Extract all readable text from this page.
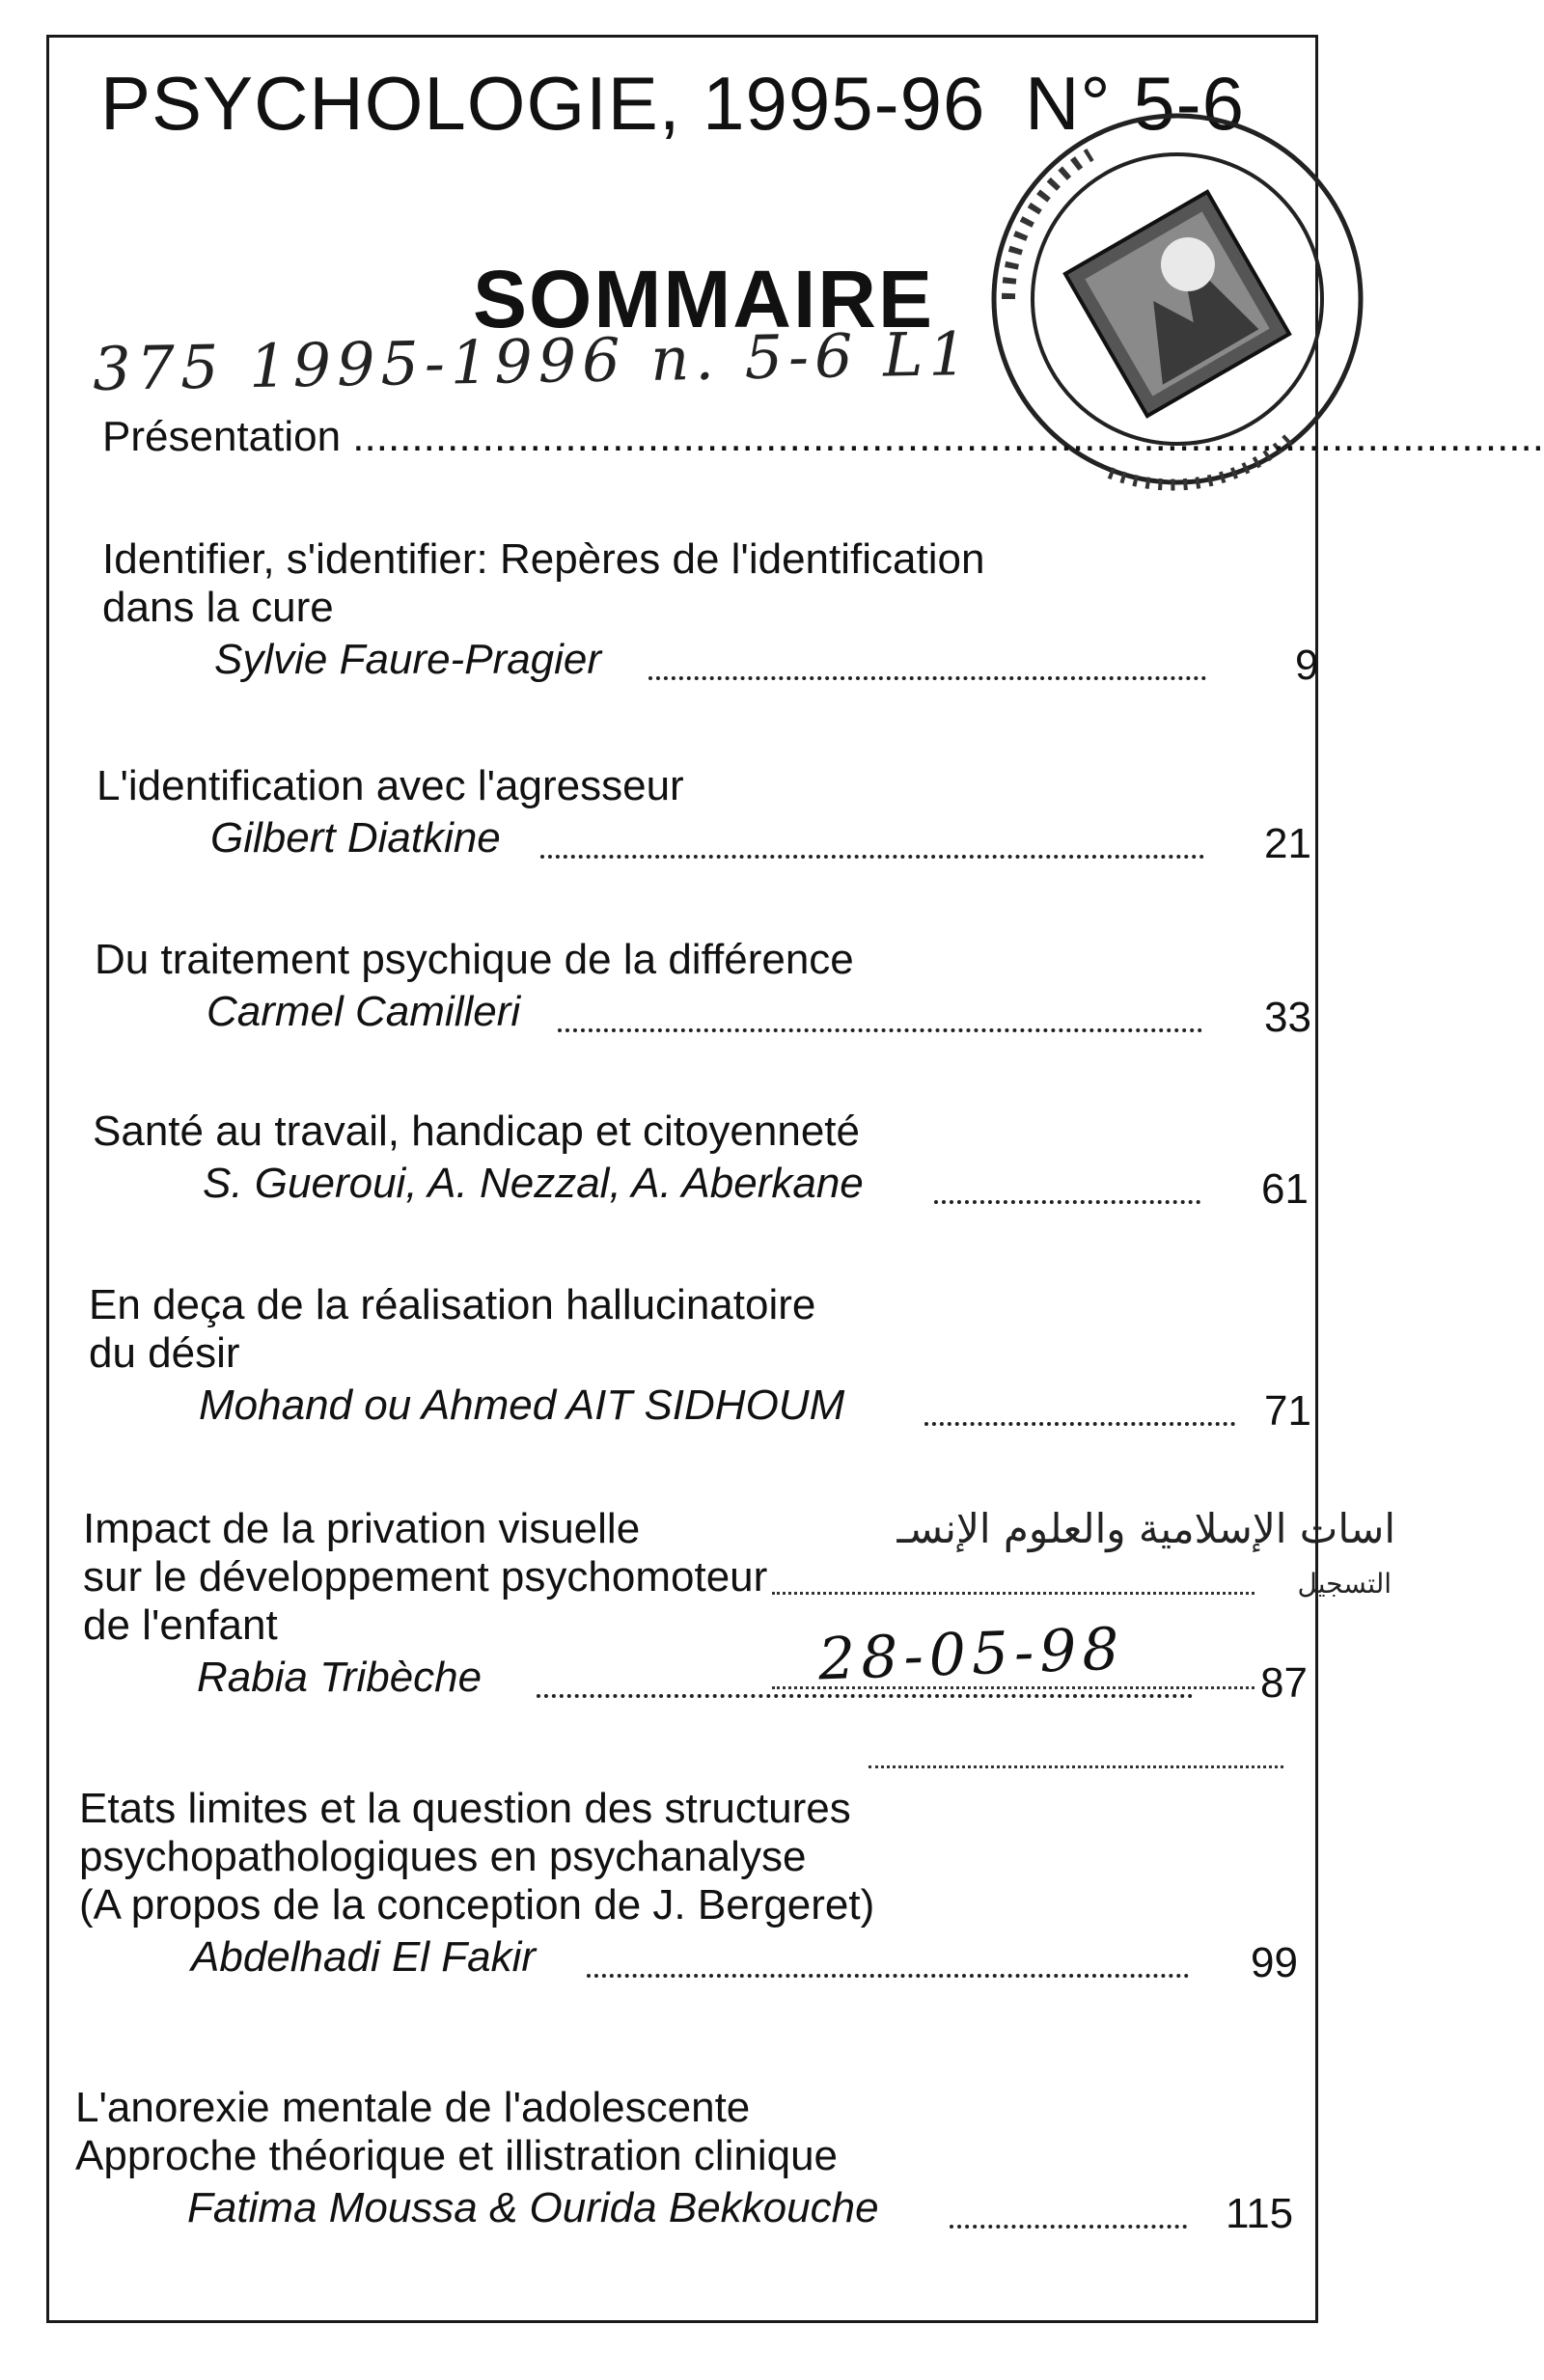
PSYCHOLOGIE, 1995-96 N° 5-6
SOMMAIRE
375 1995-1996 n. 5-6 L1
Présentation .....................................................................................................
Identifier, s'identifier: Repères de l'identification
dans la cure
Sylvie Faure-Pragier	9
L'identification avec l'agresseur
Gilbert Diatkine	21
Du traitement psychique de la différence
Carmel Camilleri	33
Santé au travail, handicap et citoyenneté
S. Gueroui, A. Nezzal, A. Aberkane	61
En deça de la réalisation hallucinatoire
du désir
Mohand ou Ahmed AIT SIDHOUM	71
Impact de la privation visuelle
sur le développement psychomoteur
de l'enfant
Rabia Tribèche	87
Etats limites et la question des structures
psychopathologiques en psychanalyse
(A propos de la conception de J. Bergeret)
Abdelhadi El Fakir	99
L'anorexie mentale de l'adolescente
Approche théorique et illistration clinique
Fatima Moussa & Ourida Bekkouche	115
اسات الإسلامية والعلوم الإنسـ
التسجيل
28-05-98
